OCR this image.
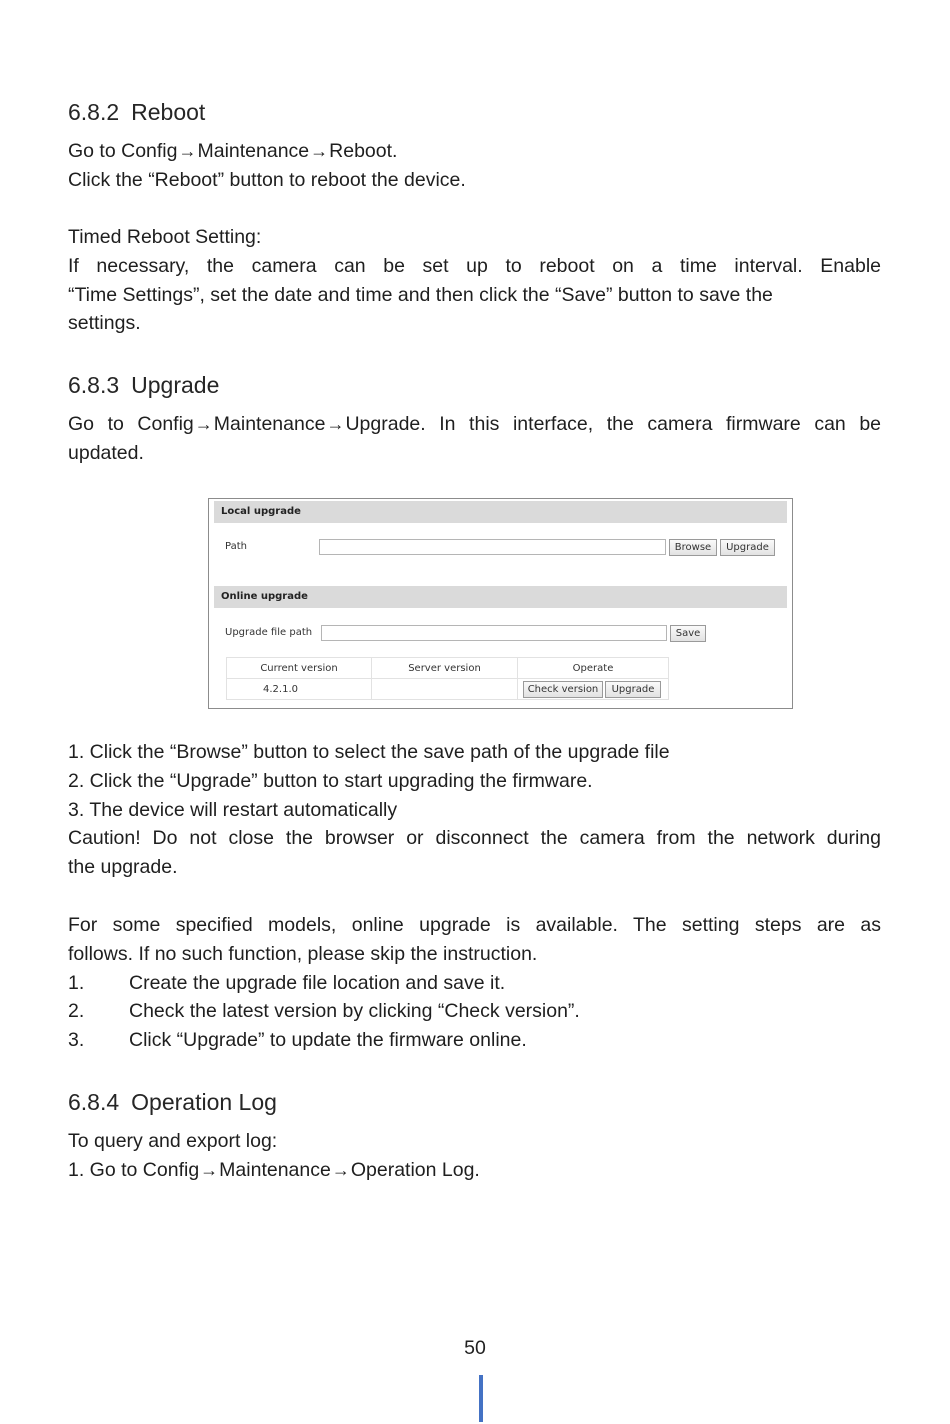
6.8.2 Reboot
Go to Config→Maintenance→Reboot.
Click the “Reboot” button to reboot the device.
Timed Reboot Setting:
If necessary, the camera can be set up to reboot on a time interval. Enable
“Time Settings”, set the date and time and then click the “Save” button to save the
settings.
6.8.3 Upgrade
Go to Config→Maintenance→Upgrade. In this interface, the camera firmware can be
updated.
Local upgrade
Path	Browse	Upgrade
Online upgrade
Upgrade file path	Save
Current version	Server version	Operate
4.2.1.0			Check version	Upgrade
1. Click the “Browse” button to select the save path of the upgrade file
2. Click the “Upgrade” button to start upgrading the firmware.
3. The device will restart automatically
Caution! Do not close the browser or disconnect the camera from the network during
the upgrade.
For some specified models, online upgrade is available. The setting steps are as
follows. If no such function, please skip the instruction.
1. Create the upgrade file location and save it.
2. Check the latest version by clicking “Check version”.
3. Click “Upgrade” to update the firmware online.
6.8.4 Operation Log
To query and export log:
1. Go to Config→Maintenance→Operation Log.
50
